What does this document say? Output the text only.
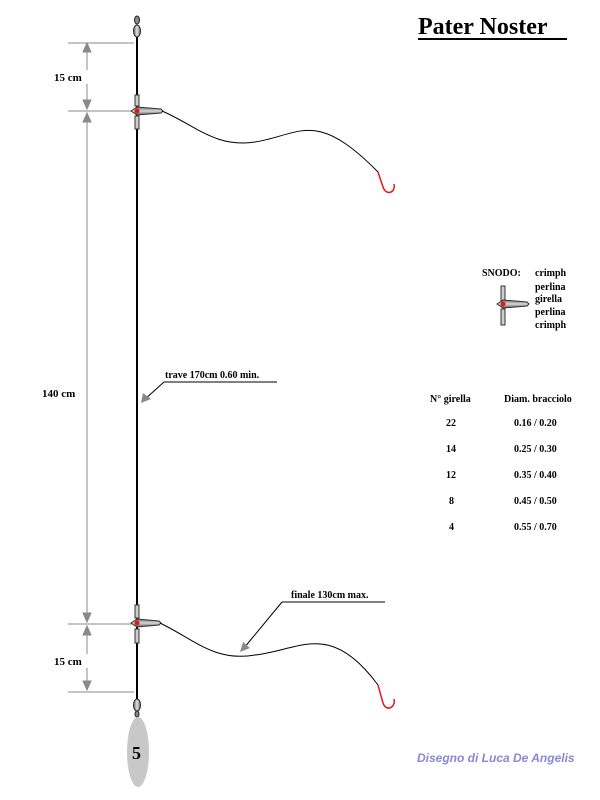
Pater Noster
15 cm
140 cm
15 cm
5
trave 170cm 0.60 min.
finale 130cm max.
SNODO: crimph
perlina
girella
perlina
crimph
N° girella	Diam. bracciolo
22	0.16 / 0.20
14	0.25 / 0.30
12	0.35 / 0.40
8	0.45 / 0.50
4	0.55 / 0.70
Disegno di Luca De Angelis
